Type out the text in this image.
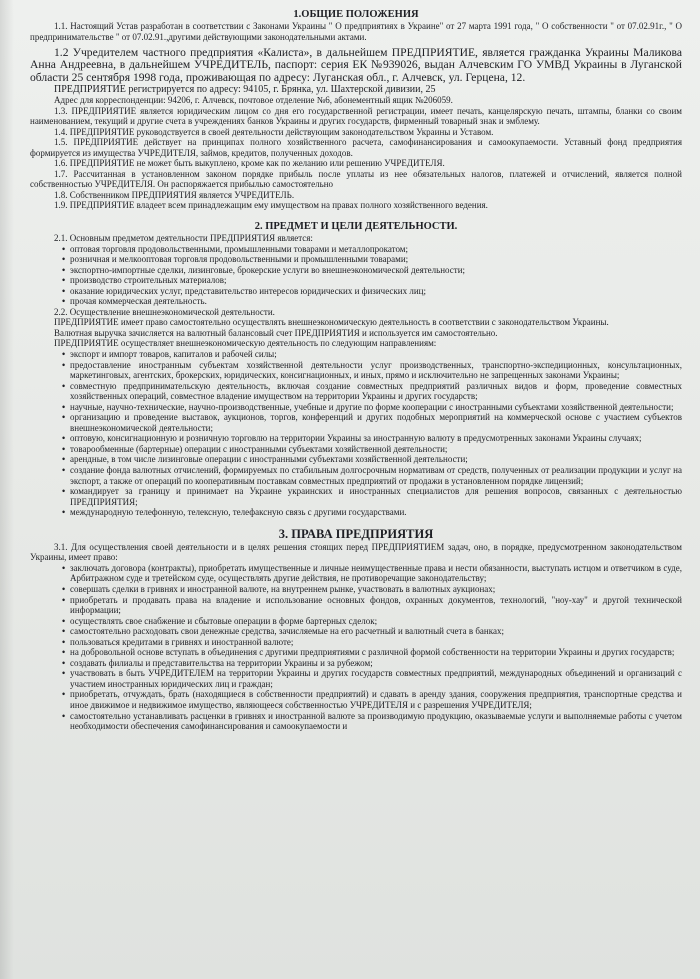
1.ОБЩИЕ ПОЛОЖЕНИЯ

1.1. Настоящий Устав разработан в соответствии с Законами Украины " О предприятиях в Украине" от 27 марта 1991 года, " О собственности " от 07.02.91г., " О предпринимательстве " от 07.02.91.,другими действующими законодательными актами.

1.2 Учредителем частного предприятия «Калиста», в дальнейшем ПРЕДПРИЯТИЕ, является гражданка Украины Маликова Анна Андреевна, в дальнейшем УЧРЕДИТЕЛЬ, паспорт: серия ЕК №939026, выдан Алчевским ГО УМВД Украины в Луганской области 25 сентября 1998 года, проживающая по адресу: Луганская обл., г. Алчевск, ул. Герцена, 12.

ПРЕДПРИЯТИЕ регистрируется по адресу: 94105, г. Брянка, ул. Шахтерской дивизии, 25

Адрес для корреспонденции: 94206, г. Алчевск, почтовое отделение №6, абонементный ящик №206059.

1.3. ПРЕДПРИЯТИЕ является юридическим лицом со дня его государственной регистрации, имеет печать, канцелярскую печать, штампы, бланки со своим наименованием, текущий и другие счета в учреждениях банков Украины и других государств, фирменный товарный знак и эмблему.

1.4. ПРЕДПРИЯТИЕ руководствуется в своей деятельности действующим законодательством Украины и Уставом.

1.5. ПРЕДПРИЯТИЕ действует на принципах полного хозяйственного расчета, самофинансирования и самоокупаемости. Уставный фонд предприятия формируется из имущества УЧРЕДИТЕЛЯ, займов, кредитов, полученных доходов.

1.6. ПРЕДПРИЯТИЕ не может быть выкуплено, кроме как по желанию или решению УЧРЕДИТЕЛЯ.

1.7. Рассчитанная в установленном законом порядке прибыль после уплаты из нее обязательных налогов, платежей и отчислений, является полной собственностью УЧРЕДИТЕЛЯ. Он распоряжается прибылью самостоятельно

1.8. Собственником ПРЕДПРИЯТИЯ является УЧРЕДИТЕЛЬ.

1.9. ПРЕДПРИЯТИЕ владеет всем принадлежащим ему имуществом на правах полного хозяйственного ведения.

2. ПРЕДМЕТ И ЦЕЛИ ДЕЯТЕЛЬНОСТИ.

2.1. Основным предметом деятельности ПРЕДПРИЯТИЯ является:

• оптовая торговля продовольственными, промышленными товарами и металлопрокатом;
• розничная и мелкооптовая торговля продовольственными и промышленными товарами;
• экспортно-импортные сделки, лизинговые, брокерские услуги во внешнеэкономической деятельности;
• производство строительных материалов;
• оказание юридических услуг, представительство интересов юридических и физических лиц;
• прочая коммерческая деятельность.

2.2. Осуществление внешнеэкономической деятельности.

ПРЕДПРИЯТИЕ имеет право самостоятельно осуществлять внешнеэкономическую деятельность в соответствии с законодательством Украины.

Валютная выручка зачисляется на валютный балансовый счет ПРЕДПРИЯТИЯ и используется им самостоятельно.

ПРЕДПРИЯТИЕ осуществляет внешнеэкономическую деятельность по следующим направлениям:

• экспорт и импорт товаров, капиталов и рабочей силы;
• предоставление иностранным субъектам хозяйственной деятельности услуг производственных, транспортно-экспедиционных, консультационных, маркетинговых, агентских, брокерских, юридических, консигнационных, и иных, прямо и исключительно не запрещенных законами Украины;
• совместную предпринимательскую деятельность, включая создание совместных предприятий различных видов и форм, проведение совместных хозяйственных операций, совместное владение имуществом на территории Украины и других государств;
• научные, научно-технические, научно-производственные, учебные и другие по форме кооперации с иностранными субъектами хозяйственной деятельности;
• организацию и проведение выставок, аукционов, торгов, конференций и других подобных мероприятий на коммерческой основе с участием субъектов внешнеэкономической деятельности;
• оптовую, консигнационную и розничную торговлю на территории Украины за иностранную валюту в предусмотренных законами Украины случаях;
• товарообменные (бартерные) операции с иностранными субъектами хозяйственной деятельности;
• арендные, в том числе лизинговые операции с иностранными субъектами хозяйственной деятельности;
• создание фонда валютных отчислений, формируемых по стабильным долгосрочным нормативам от средств, полученных от реализации продукции и услуг на экспорт, а также от операций по кооперативным поставкам совместных предприятий от продажи в установленном порядке лицензий;
• командирует за границу и принимает на Украине украинских и иностранных специалистов для решения вопросов, связанных с деятельностью ПРЕДПРИЯТИЯ;
• международную телефонную, телексную, телефаксную связь с другими государствами.
3. ПРАВА ПРЕДПРИЯТИЯ

3.1. Для осуществления своей деятельности и в целях решения стоящих перед ПРЕДПРИЯТИЕМ задач, оно, в порядке, предусмотренном законодательством Украины, имеет право:

• заключать договора (контракты), приобретать имущественные и личные неимущественные права и нести обязанности, выступать истцом и ответчиком в суде, Арбитражном суде и третейском суде, осуществлять другие действия, не противоречащие законодательству;
• совершать сделки в гривнях и иностранной валюте, на внутреннем рынке, участвовать в валютных аукционах;
• приобретать и продавать права на владение и использование основных фондов, охранных документов, технологий, "ноу-хау" и другой технической информации;
• осуществлять свое снабжение и сбытовые операции в форме бартерных сделок;
• самостоятельно расходовать свои денежные средства, зачисляемые на его расчетный и валютный счета в банках;
• пользоваться кредитами в гривнях и иностранной валюте;
• на добровольной основе вступать в объединения с другими предприятиями с различной формой собственности на территории Украины и других государств;
• создавать филиалы и представительства на территории Украины и за рубежом;
• участвовать в быть УЧРЕДИТЕЛЕМ на территории Украины и других государств совместных предприятий, международных объединений и организаций с участием иностранных юридических лиц и граждан;
• приобретать, отчуждать, брать (находящиеся в собственности предприятий) и сдавать в аренду здания, сооружения предприятия, транспортные средства и иное движимое и недвижимое имущество, являющееся собственностью УЧРЕДИТЕЛЯ и с разрешения УЧРЕДИТЕЛЯ;
• самостоятельно устанавливать расценки в гривнях и иностранной валюте за производимую продукцию, оказываемые услуги и выполняемые работы с учетом необходимости обеспечения самофинансирования и самоокупаемости и
